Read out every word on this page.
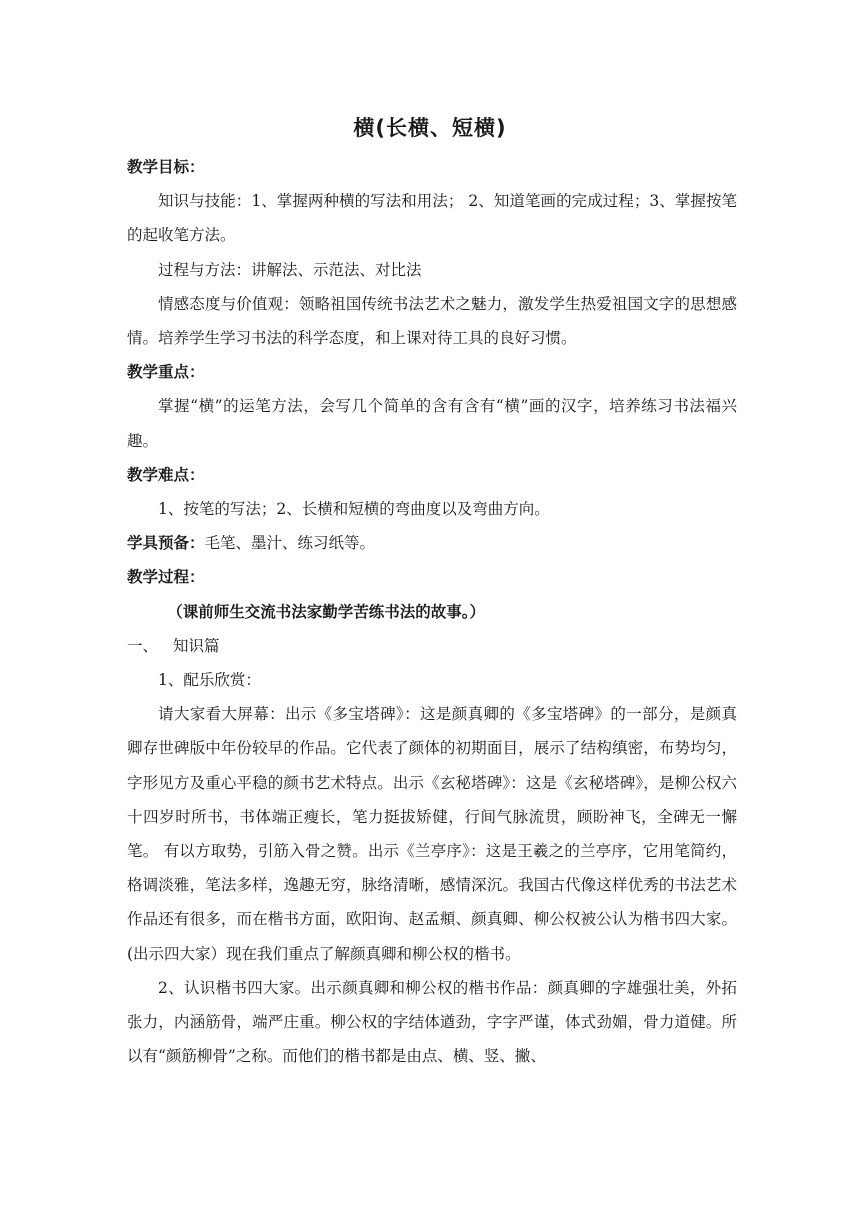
横(长横、短横)

教学目标：

知识与技能：1、掌握两种横的写法和用法； 2、知道笔画的完成过程；3、掌握按笔的起收笔方法。

过程与方法：讲解法、示范法、对比法

情感态度与价值观：领略祖国传统书法艺术之魅力，激发学生热爱祖国文字的思想感情。培养学生学习书法的科学态度，和上课对待工具的良好习惯。

教学重点：

掌握“横”的运笔方法，会写几个简单的含有含有“横”画的汉字，培养练习书法福兴趣。

教学难点：

1、按笔的写法；2、长横和短横的弯曲度以及弯曲方向。

学具预备：毛笔、墨汁、练习纸等。

教学过程：

（课前师生交流书法家勤学苦练书法的故事。）

一、 知识篇

1、配乐欣赏：

请大家看大屏幕：出示《多宝塔碑》：这是颜真卿的《多宝塔碑》的一部分，是颜真卿存世碑版中年份较早的作品。它代表了颜体的初期面目，展示了结构缜密，布势均匀，字形见方及重心平稳的颜书艺术特点。出示《玄秘塔碑》：这是《玄秘塔碑》，是柳公权六十四岁时所书，书体端正瘦长，笔力挺拔矫健，行间气脉流贯，顾盼神飞，全碑无一懈笔。 有以方取势，引筋入骨之赞。出示《兰亭序》：这是王羲之的兰亭序，它用笔简约，格调淡雅，笔法多样，逸趣无穷，脉络清晰，感情深沉。我国古代像这样优秀的书法艺术作品还有很多，而在楷书方面，欧阳询、赵孟頫、颜真卿、柳公权被公认为楷书四大家。(出示四大家）现在我们重点了解颜真卿和柳公权的楷书。

2、认识楷书四大家。出示颜真卿和柳公权的楷书作品：颜真卿的字雄强壮美，外拓张力，内涵筋骨，端严庄重。柳公权的字结体遒劲，字字严谨，体式劲媚，骨力道健。所以有“颜筋柳骨”之称。而他们的楷书都是由点、横、竖、撇、
